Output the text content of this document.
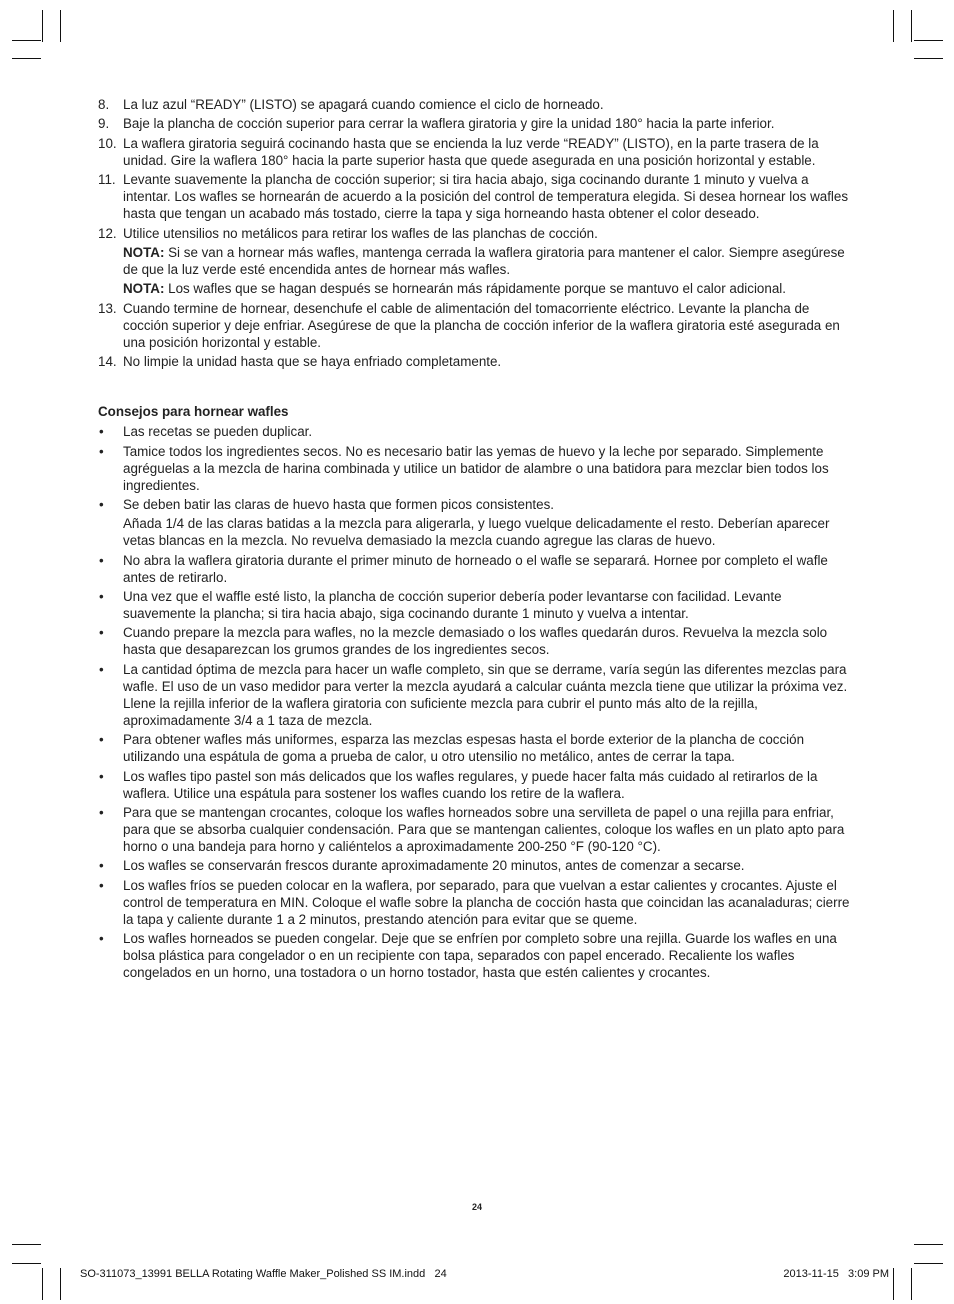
8. La luz azul “READY” (LISTO) se apagará cuando comience el ciclo de horneado.
9. Baje la plancha de cocción superior para cerrar la waflera giratoria y gire la unidad 180° hacia la parte inferior.
10. La waflera giratoria seguirá cocinando hasta que se encienda la luz verde “READY” (LISTO), en la parte trasera de la unidad. Gire la waflera 180° hacia la parte superior hasta que quede asegurada en una posición horizontal y estable.
11. Levante suavemente la plancha de cocción superior; si tira hacia abajo, siga cocinando durante 1 minuto y vuelva a intentar. Los wafles se hornearán de acuerdo a la posición del control de temperatura elegida. Si desea hornear los wafles hasta que tengan un acabado más tostado, cierre la tapa y siga horneando hasta obtener el color deseado.
12. Utilice utensilios no metálicos para retirar los wafles de las planchas de cocción.

NOTA: Si se van a hornear más wafles, mantenga cerrada la waflera giratoria para mantener el calor. Siempre asegúrese de que la luz verde esté encendida antes de hornear más wafles.

NOTA: Los wafles que se hagan después se hornearán más rápidamente porque se mantuvo el calor adicional.

13. Cuando termine de hornear, desenchufe el cable de alimentación del tomacorriente eléctrico. Levante la plancha de cocción superior y deje enfriar. Asegúrese de que la plancha de cocción inferior de la waflera giratoria esté asegurada en una posición horizontal y estable.
14. No limpie la unidad hasta que se haya enfriado completamente.
Consejos para hornear wafles
• Las recetas se pueden duplicar.
• Tamice todos los ingredientes secos. No es necesario batir las yemas de huevo y la leche por separado. Simplemente agréguelas a la mezcla de harina combinada y utilice un batidor de alambre o una batidora para mezclar bien todos los ingredientes.
• Se deben batir las claras de huevo hasta que formen picos consistentes.
Añada 1/4 de las claras batidas a la mezcla para aligerarla, y luego vuelque delicadamente el resto. Deberían aparecer vetas blancas en la mezcla. No revuelva demasiado la mezcla cuando agregue las claras de huevo.
• No abra la waflera giratoria durante el primer minuto de horneado o el wafle se separará. Hornee por completo el wafle antes de retirarlo.
• Una vez que el waffle esté listo, la plancha de cocción superior debería poder levantarse con facilidad. Levante suavemente la plancha; si tira hacia abajo, siga cocinando durante 1 minuto y vuelva a intentar.
• Cuando prepare la mezcla para wafles, no la mezcle demasiado o los wafles quedarán duros. Revuelva la mezcla solo hasta que desaparezcan los grumos grandes de los ingredientes secos.
• La cantidad óptima de mezcla para hacer un wafle completo, sin que se derrame, varía según las diferentes mezclas para wafle. El uso de un vaso medidor para verter la mezcla ayudará a calcular cuánta mezcla tiene que utilizar la próxima vez. Llene la rejilla inferior de la waflera giratoria con suficiente mezcla para cubrir el punto más alto de la rejilla, aproximadamente 3/4 a 1 taza de mezcla.
• Para obtener wafles más uniformes, esparza las mezclas espesas hasta el borde exterior de la plancha de cocción utilizando una espátula de goma a prueba de calor, u otro utensilio no metálico, antes de cerrar la tapa.
• Los wafles tipo pastel son más delicados que los wafles regulares, y puede hacer falta más cuidado al retirarlos de la waflera. Utilice una espátula para sostener los wafles cuando los retire de la waflera.
• Para que se mantengan crocantes, coloque los wafles horneados sobre una servilleta de papel o una rejilla para enfriar, para que se absorba cualquier condensación. Para que se mantengan calientes, coloque los wafles en un plato apto para horno o una bandeja para horno y caliéntelos a aproximadamente 200-250 °F (90-120 °C).
• Los wafles se conservarán frescos durante aproximadamente 20 minutos, antes de comenzar a secarse.
• Los wafles fríos se pueden colocar en la waflera, por separado, para que vuelvan a estar calientes y crocantes. Ajuste el control de temperatura en MIN. Coloque el wafle sobre la plancha de cocción hasta que coincidan las acanaladuras; cierre la tapa y caliente durante 1 a 2 minutos, prestando atención para evitar que se queme.
• Los wafles horneados se pueden congelar. Deje que se enfríen por completo sobre una rejilla. Guarde los wafles en una bolsa plástica para congelador o en un recipiente con tapa, separados con papel encerado. Recaliente los wafles congelados en un horno, una tostadora o un horno tostador, hasta que estén calientes y crocantes.
24
SO-311073_13991 BELLA Rotating Waffle Maker_Polished SS IM.indd   24	2013-11-15   3:09 PM
